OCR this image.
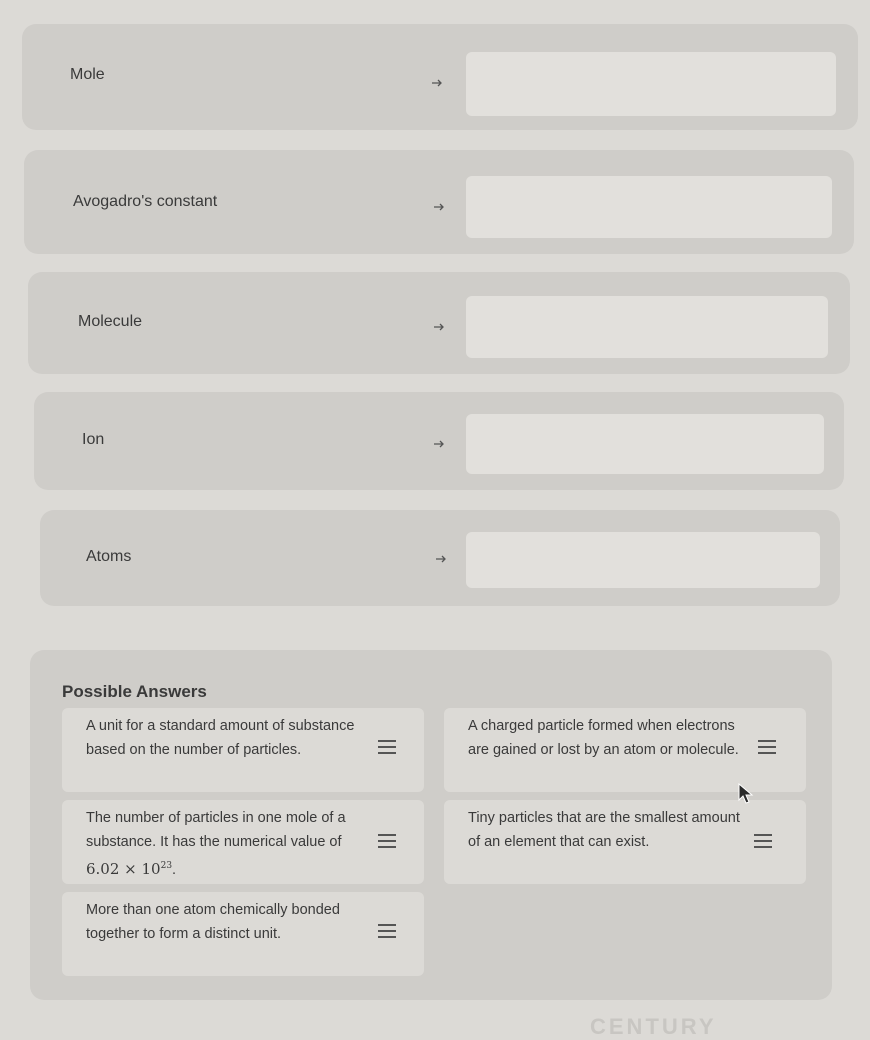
Mole
Avogadro's constant
Molecule
Ion
Atoms
Possible Answers
A unit for a standard amount of substance based on the number of particles.
A charged particle formed when electrons are gained or lost by an atom or molecule.
The number of particles in one mole of a substance. It has the numerical value of $6.02 \times 10^{23}$.
Tiny particles that are the smallest amount of an element that can exist.
More than one atom chemically bonded together to form a distinct unit.
CENTURY
